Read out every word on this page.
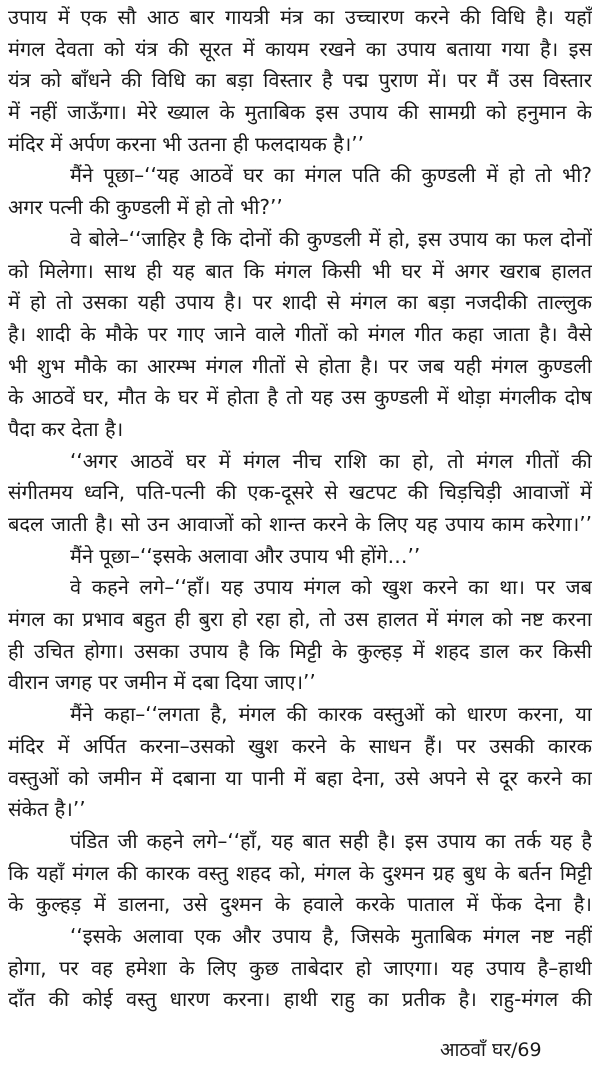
उपाय में एक सौ आठ बार गायत्री मंत्र का उच्चारण करने की विधि है। यहाँ
मंगल देवता को यंत्र की सूरत में कायम रखने का उपाय बताया गया है। इस
यंत्र को बाँधने की विधि का बड़ा विस्तार है पद्म पुराण में। पर मैं उस विस्तार
में नहीं जाऊँगा। मेरे ख्याल के मुताबिक इस उपाय की सामग्री को हनुमान के
मंदिर में अर्पण करना भी उतना ही फलदायक है।’’
मैंने पूछा–‘‘यह आठवें घर का मंगल पति की कुण्डली में हो तो भी?
अगर पत्नी की कुण्डली में हो तो भी?’’
वे बोले–‘‘जाहिर है कि दोनों की कुण्डली में हो, इस उपाय का फल दोनों
को मिलेगा। साथ ही यह बात कि मंगल किसी भी घर में अगर खराब हालत
में हो तो उसका यही उपाय है। पर शादी से मंगल का बड़ा नजदीकी ताल्लुक
है। शादी के मौके पर गाए जाने वाले गीतों को मंगल गीत कहा जाता है। वैसे
भी शुभ मौके का आरम्भ मंगल गीतों से होता है। पर जब यही मंगल कुण्डली
के आठवें घर, मौत के घर में होता है तो यह उस कुण्डली में थोड़ा मंगलीक दोष
पैदा कर देता है।
‘‘अगर आठवें घर में मंगल नीच राशि का हो, तो मंगल गीतों की
संगीतमय ध्वनि, पति-पत्नी की एक-दूसरे से खटपट की चिड़चिड़ी आवाजों में
बदल जाती है। सो उन आवाजों को शान्त करने के लिए यह उपाय काम करेगा।’’
मैंने पूछा–‘‘इसके अलावा और उपाय भी होंगे…’’
वे कहने लगे–‘‘हाँ। यह उपाय मंगल को खुश करने का था। पर जब
मंगल का प्रभाव बहुत ही बुरा हो रहा हो, तो उस हालत में मंगल को नष्ट करना
ही उचित होगा। उसका उपाय है कि मिट्टी के कुल्हड़ में शहद डाल कर किसी
वीरान जगह पर जमीन में दबा दिया जाए।’’
मैंने कहा–‘‘लगता है, मंगल की कारक वस्तुओं को धारण करना, या
मंदिर में अर्पित करना–उसको खुश करने के साधन हैं। पर उसकी कारक
वस्तुओं को जमीन में दबाना या पानी में बहा देना, उसे अपने से दूर करने का
संकेत है।’’
पंडित जी कहने लगे–‘‘हाँ, यह बात सही है। इस उपाय का तर्क यह है
कि यहाँ मंगल की कारक वस्तु शहद को, मंगल के दुश्मन ग्रह बुध के बर्तन मिट्टी
के कुल्हड़ में डालना, उसे दुश्मन के हवाले करके पाताल में फेंक देना है।
‘‘इसके अलावा एक और उपाय है, जिसके मुताबिक मंगल नष्ट नहीं
होगा, पर वह हमेशा के लिए कुछ ताबेदार हो जाएगा। यह उपाय है–हाथी
दाँत की कोई वस्तु धारण करना। हाथी राहु का प्रतीक है। राहु-मंगल की
आठवाँ घर/69
